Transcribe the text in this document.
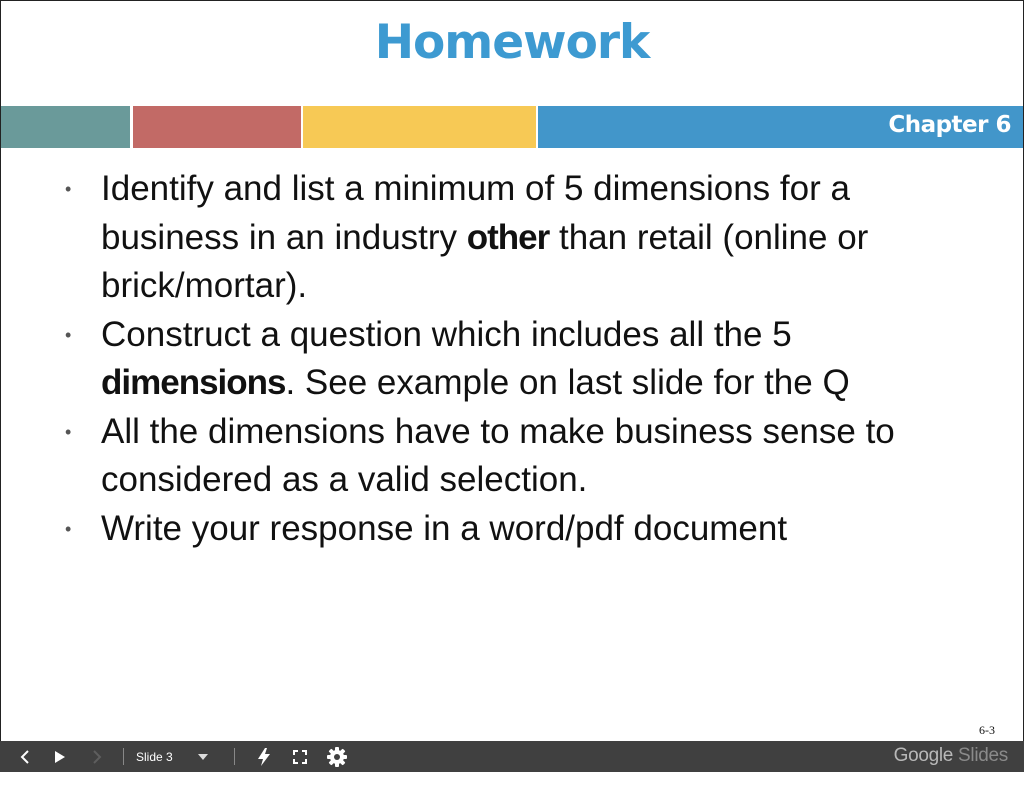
Homework
Chapter 6
• Identify and list a minimum of 5 dimensions for a business in an industry other than retail (online or brick/mortar).
• Construct a question which includes all the 5 dimensions. See example on last slide for the Q
• All the dimensions have to make business sense to considered as a valid selection.
• Write your response in a word/pdf document
6-3
Slide 3	Google Slides
